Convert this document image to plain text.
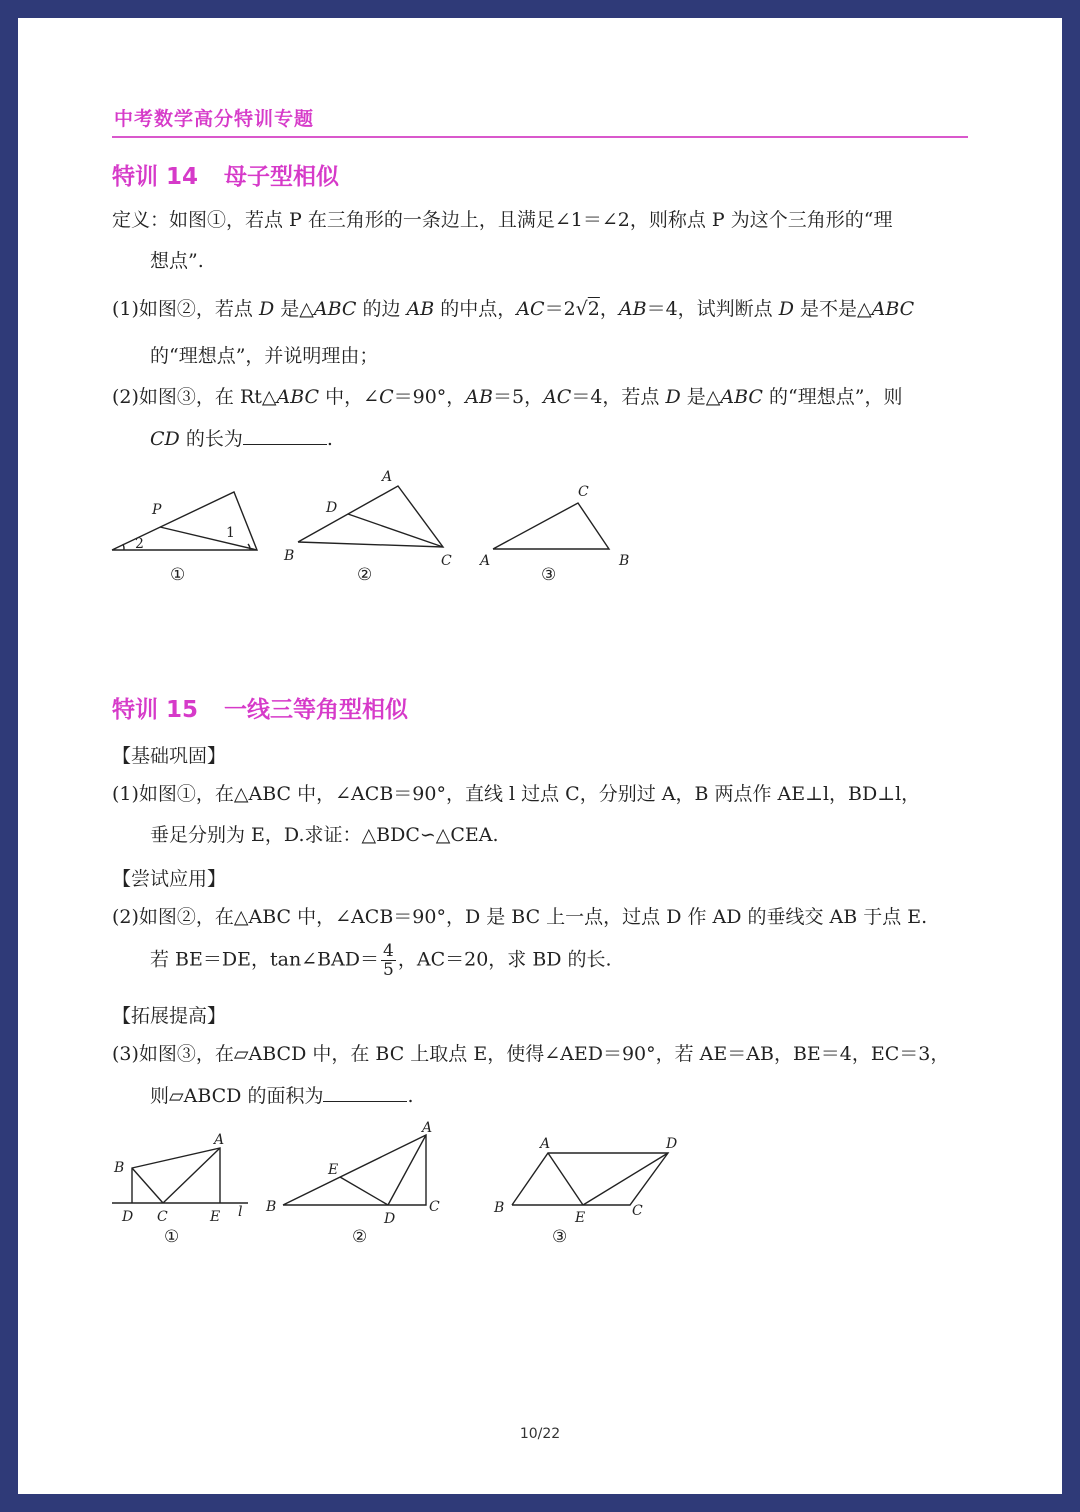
中考数学高分特训专题
特训 14 母子型相似
定义：如图①，若点 P 在三角形的一条边上，且满足∠1＝∠2，则称点 P 为这个三角形的“理
想点”.
(1)如图②，若点 D 是△ABC 的边 AB 的中点，AC＝2√2，AB＝4，试判断点 D 是不是△ABC
的“理想点”，并说明理由；
(2)如图③，在 Rt△ABC 中，∠C＝90°，AB＝5，AC＝4，若点 D 是△ABC 的“理想点”，则
CD 的长为	.
P
1
2
A
B	C
D
A	B
C
①	②	③
特训 15 一线三等角型相似
【基础巩固】
(1)如图①，在△ABC 中，∠ACB＝90°，直线 l 过点 C，分别过 A，B 两点作 AE⊥l，BD⊥l，
垂足分别为 E，D.求证：△BDC∽△CEA.
【尝试应用】
(2)如图②，在△ABC 中，∠ACB＝90°，D 是 BC 上一点，过点 D 作 AD 的垂线交 AB 于点 E.
若 BE＝DE，tan∠BAD＝ $\frac{4}{5}$ ，AC＝20，求 BD 的长.
【拓展提高】
(3)如图③，在▱ABCD 中，在 BC 上取点 E，使得∠AED＝90°，若 AE＝AB，BE＝4，EC＝3，
则▱ABCD 的面积为	.
A
B
D C	E l
A
E
B
D
C
A	D
B
E	C
①	②	③
10/22
